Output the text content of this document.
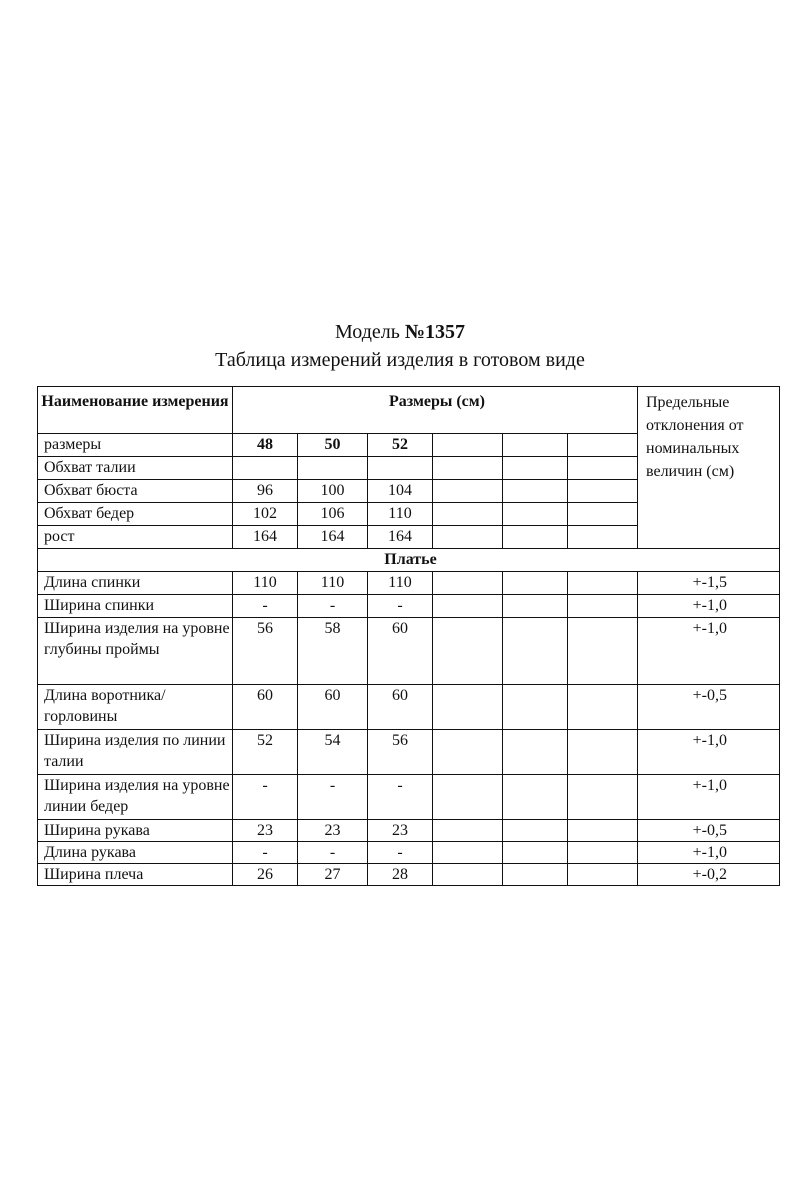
Модель №1357
Таблица измерений изделия в готовом виде
Наименование измерения	Размеры (см)						Предельные отклонения от номинальных величин (см)
размеры	48	50	52				
Обхват талии							
Обхват бюста	96	100	104				
Обхват бедер	102	106	110				
рост	164	164	164				
Платье							
Длина спинки	110	110	110				+-1,5
Ширина спинки	-	-	-				+-1,0
Ширина изделия на уровне глубины проймы	56	58	60				+-1,0
Длина воротника/горловины	60	60	60				+-0,5
Ширина изделия по линии талии	52	54	56				+-1,0
Ширина изделия на уровне линии бедер	-	-	-				+-1,0
Ширина рукава	23	23	23				+-0,5
Длина рукава	-	-	-				+-1,0
Ширина плеча	26	27	28				+-0,2
